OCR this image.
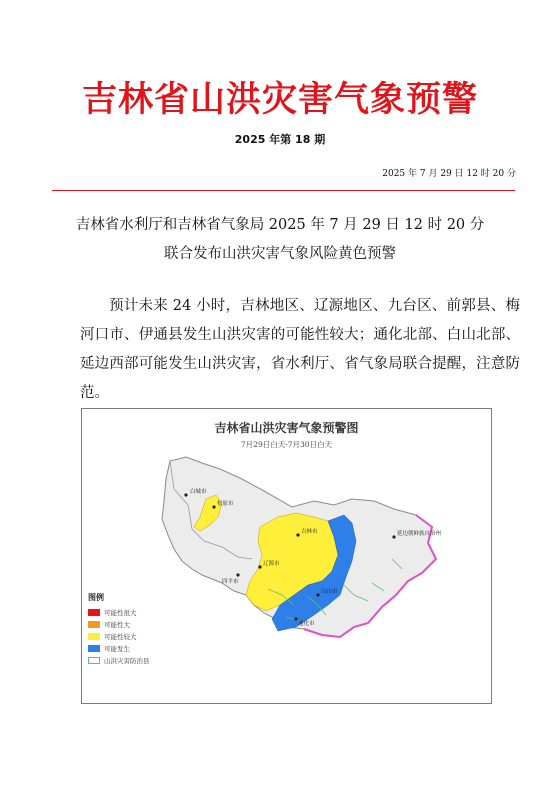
吉林省山洪灾害气象预警
2025 年第 18 期
2025 年 7 月 29 日 12 时 20 分
吉林省水利厅和吉林省气象局 2025 年 7 月 29 日 12 时 20 分
联合发布山洪灾害气象风险黄色预警
预计未来 24 小时，吉林地区、辽源地区、九台区、前郭县、梅河口市、伊通县发生山洪灾害的可能性较大；通化北部、白山北部、延边西部可能发生山洪灾害，省水利厅、省气象局联合提醒，注意防范。
白城市
松原市
吉林市
四平市
辽源市
通化市
白山市
延边朝鲜族自治州
吉林省山洪灾害气象预警图
7月29日白天-7月30日白天
图例
可能性很大
可能性大
可能性较大
可能发生
山洪灾害防治县
